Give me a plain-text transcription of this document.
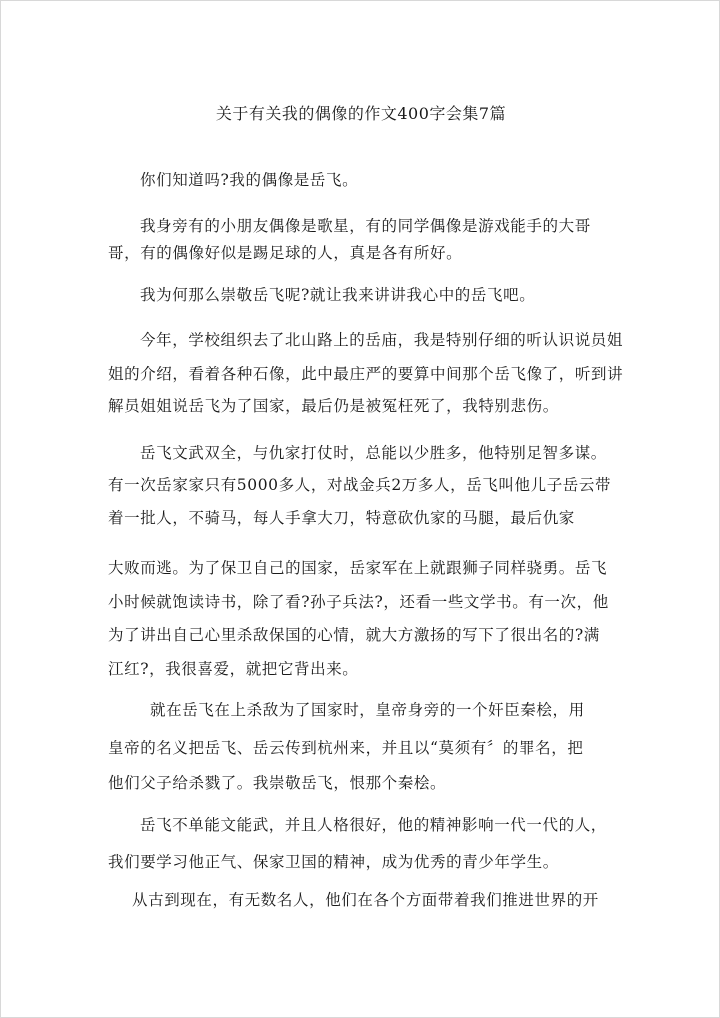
关于有关我的偶像的作文400字会集7篇
你们知道吗?我的偶像是岳飞。
我身旁有的小朋友偶像是歌星，有的同学偶像是游戏能手的大哥
哥，有的偶像好似是踢足球的人，真是各有所好。
我为何那么崇敬岳飞呢?就让我来讲讲我心中的岳飞吧。
今年，学校组织去了北山路上的岳庙，我是特别仔细的听认识说员姐
姐的介绍，看着各种石像，此中最庄严的要算中间那个岳飞像了，听到讲
解员姐姐说岳飞为了国家，最后仍是被冤枉死了，我特别悲伤。
岳飞文武双全，与仇家打仗时，总能以少胜多，他特别足智多谋。
有一次岳家家只有5000多人，对战金兵2万多人，岳飞叫他儿子岳云带
着一批人，不骑马，每人手拿大刀，特意砍仇家的马腿，最后仇家
大败而逃。为了保卫自己的国家，岳家军在上就跟狮子同样骁勇。岳飞
小时候就饱读诗书，除了看?孙子兵法?，还看一些文学书。有一次，他
为了讲出自己心里杀敌保国的心情，就大方激扬的写下了很出名的?满
江红?，我很喜爱，就把它背出来。
就在岳飞在上杀敌为了国家时，皇帝身旁的一个奸臣秦桧，用
皇帝的名义把岳飞、岳云传到杭州来，并且以“莫须有〞的罪名，把
他们父子给杀戮了。我崇敬岳飞，恨那个秦桧。
岳飞不单能文能武，并且人格很好，他的精神影响一代一代的人，
我们要学习他正气、保家卫国的精神，成为优秀的青少年学生。
从古到现在，有无数名人，他们在各个方面带着我们推进世界的开
